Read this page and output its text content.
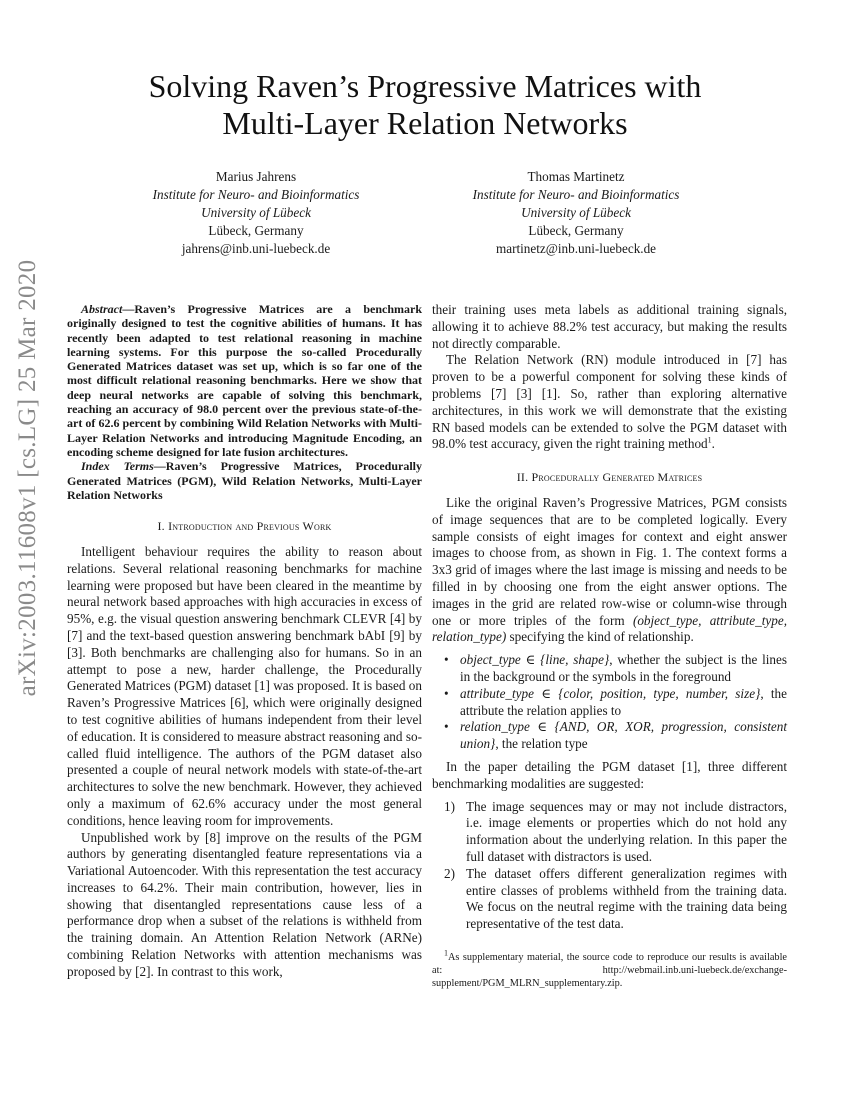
arXiv:2003.11608v1 [cs.LG] 25 Mar 2020
Solving Raven’s Progressive Matrices with
Multi-Layer Relation Networks
Marius Jahrens
Institute for Neuro- and Bioinformatics
University of Lübeck
Lübeck, Germany
jahrens@inb.uni-luebeck.de
Thomas Martinetz
Institute for Neuro- and Bioinformatics
University of Lübeck
Lübeck, Germany
martinetz@inb.uni-luebeck.de

Abstract—Raven’s Progressive Matrices are a benchmark originally designed to test the cognitive abilities of humans. It has recently been adapted to test relational reasoning in machine learning systems. For this purpose the so-called Procedurally Generated Matrices dataset was set up, which is so far one of the most difficult relational reasoning benchmarks. Here we show that deep neural networks are capable of solving this benchmark, reaching an accuracy of 98.0 percent over the previous state-of-the-art of 62.6 percent by combining Wild Relation Networks with Multi-Layer Relation Networks and introducing Magnitude Encoding, an encoding scheme designed for late fusion architectures.

Index Terms—Raven’s Progressive Matrices, Procedurally Generated Matrices (PGM), Wild Relation Networks, Multi-Layer Relation Networks

I. Introduction and Previous Work

Intelligent behaviour requires the ability to reason about relations. Several relational reasoning benchmarks for machine learning were proposed but have been cleared in the meantime by neural network based approaches with high accuracies in excess of 95%, e.g. the visual question answering benchmark CLEVR [4] by [7] and the text-based question answering benchmark bAbI [9] by [3]. Both benchmarks are challenging also for humans. So in an attempt to pose a new, harder challenge, the Procedurally Generated Matrices (PGM) dataset [1] was proposed. It is based on Raven’s Progressive Matrices [6], which were originally designed to test cognitive abilities of humans independent from their level of education. It is considered to measure abstract reasoning and so-called fluid intelligence. The authors of the PGM dataset also presented a couple of neural network models with state-of-the-art architectures to solve the new benchmark. However, they achieved only a maximum of 62.6% accuracy under the most general conditions, hence leaving room for improvements.

Unpublished work by [8] improve on the results of the PGM authors by generating disentangled feature representations via a Variational Autoencoder. With this representation the test accuracy increases to 64.2%. Their main contribution, however, lies in showing that disentangled representations cause less of a performance drop when a subset of the relations is withheld from the training domain. An Attention Relation Network (ARNe) combining Relation Networks with attention mechanisms was proposed by [2]. In contrast to this work,

their training uses meta labels as additional training signals, allowing it to achieve 88.2% test accuracy, but making the results not directly comparable.

The Relation Network (RN) module introduced in [7] has proven to be a powerful component for solving these kinds of problems [7] [3] [1]. So, rather than exploring alternative architectures, in this work we will demonstrate that the existing RN based models can be extended to solve the PGM dataset with 98.0% test accuracy, given the right training method$^1$.

II. Procedurally Generated Matrices

Like the original Raven’s Progressive Matrices, PGM consists of image sequences that are to be completed logically. Every sample consists of eight images for context and eight answer images to choose from, as shown in Fig. 1. The context forms a 3x3 grid of images where the last image is missing and needs to be filled in by choosing one from the eight answer options. The images in the grid are related row-wise or column-wise through one or more triples of the form (object_type, attribute_type, relation_type) specifying the kind of relationship.

• object_type ∈ {line, shape}, whether the subject is the lines in the background or the symbols in the foreground
• attribute_type ∈ {color, position, type, number, size}, the attribute the relation applies to
• relation_type ∈ {AND, OR, XOR, progression, consistent union}, the relation type

In the paper detailing the PGM dataset [1], three different benchmarking modalities are suggested:

1) The image sequences may or may not include distractors, i.e. image elements or properties which do not hold any information about the underlying relation. In this paper the full dataset with distractors is used.
2) The dataset offers different generalization regimes with entire classes of problems withheld from the training data. We focus on the neutral regime with the training data being representative of the test data.

$^1$As supplementary material, the source code to reproduce our results is available at: http://webmail.inb.uni-luebeck.de/exchange-supplement/PGM_MLRN_supplementary.zip.
